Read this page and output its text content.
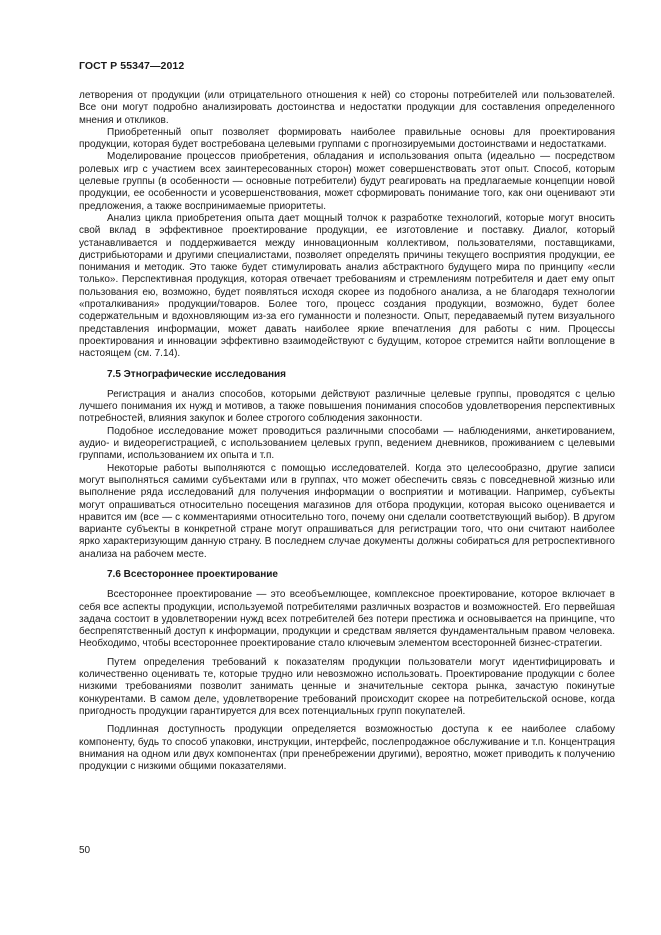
ГОСТ Р 55347—2012

летворения от продукции (или отрицательного отношения к ней) со стороны потребителей или пользователей. Все они могут подробно анализировать достоинства и недостатки продукции для составления определенного мнения и откликов.

Приобретенный опыт позволяет формировать наиболее правильные основы для проектирования продукции, которая будет востребована целевыми группами с прогнозируемыми достоинствами и недостатками.

Моделирование процессов приобретения, обладания и использования опыта (идеально — посредством ролевых игр с участием всех заинтересованных сторон) может совершенствовать этот опыт. Способ, которым целевые группы (в особенности — основные потребители) будут реагировать на предлагаемые концепции новой продукции, ее особенности и усовершенствования, может сформировать понимание того, как они оценивают эти предложения, а также воспринимаемые приоритеты.

Анализ цикла приобретения опыта дает мощный толчок к разработке технологий, которые могут вносить свой вклад в эффективное проектирование продукции, ее изготовление и поставку. Диалог, который устанавливается и поддерживается между инновационным коллективом, пользователями, поставщиками, дистрибьюторами и другими специалистами, позволяет определять причины текущего восприятия продукции, ее понимания и методик. Это также будет стимулировать анализ абстрактного будущего мира по принципу «если только». Перспективная продукция, которая отвечает требованиям и стремлениям потребителя и дает ему опыт пользования ею, возможно, будет появляться исходя скорее из подобного анализа, а не благодаря технологии «проталкивания» продукции/товаров. Более того, процесс создания продукции, возможно, будет более содержательным и вдохновляющим из-за его гуманности и полезности. Опыт, передаваемый путем визуального представления информации, может давать наиболее яркие впечатления для работы с ним. Процессы проектирования и инновации эффективно взаимодействуют с будущим, которое стремится найти воплощение в настоящем (см. 7.14).

7.5 Этнографические исследования

Регистрация и анализ способов, которыми действуют различные целевые группы, проводятся с целью лучшего понимания их нужд и мотивов, а также повышения понимания способов удовлетворения перспективных потребностей, влияния закупок и более строгого соблюдения законности.

Подобное исследование может проводиться различными способами — наблюдениями, анкетированием, аудио- и видеорегистрацией, с использованием целевых групп, ведением дневников, проживанием с целевыми группами, использованием их опыта и т.п.

Некоторые работы выполняются с помощью исследователей. Когда это целесообразно, другие записи могут выполняться самими субъектами или в группах, что может обеспечить связь с повседневной жизнью или выполнение ряда исследований для получения информации о восприятии и мотивации. Например, субъекты могут опрашиваться относительно посещения магазинов для отбора продукции, которая высоко оценивается и нравится им (все — с комментариями относительно того, почему они сделали соответствующий выбор). В другом варианте субъекты в конкретной стране могут опрашиваться для регистрации того, что они считают наиболее ярко характеризующим данную страну. В последнем случае документы должны собираться для ретроспективного анализа на рабочем месте.

7.6 Всестороннее проектирование

Всестороннее проектирование — это всеобъемлющее, комплексное проектирование, которое включает в себя все аспекты продукции, используемой потребителями различных возрастов и возможностей. Его первейшая задача состоит в удовлетворении нужд всех потребителей без потери престижа и основывается на принципе, что беспрепятственный доступ к информации, продукции и средствам является фундаментальным правом человека. Необходимо, чтобы всестороннее проектирование стало ключевым элементом всесторонней бизнес-стратегии.

Путем определения требований к показателям продукции пользователи могут идентифицировать и количественно оценивать те, которые трудно или невозможно использовать. Проектирование продукции с более низкими требованиями позволит занимать ценные и значительные сектора рынка, зачастую покинутые конкурентами. В самом деле, удовлетворение требований происходит скорее на потребительской основе, когда пригодность продукции гарантируется для всех потенциальных групп покупателей.

Подлинная доступность продукции определяется возможностью доступа к ее наиболее слабому компоненту, будь то способ упаковки, инструкции, интерфейс, послепродажное обслуживание и т.п. Концентрация внимания на одном или двух компонентах (при пренебрежении другими), вероятно, может приводить к получению продукции с низкими общими показателями.

50
